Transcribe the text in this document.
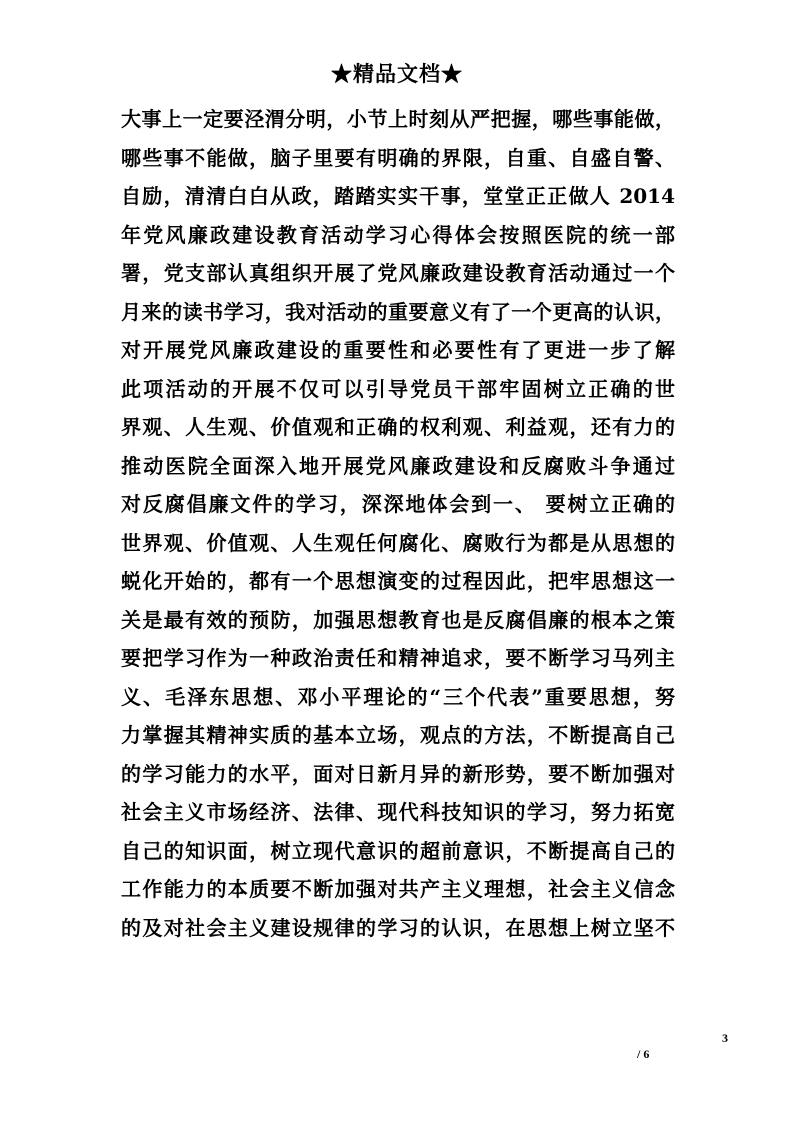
★精品文档★
大事上一定要泾渭分明，小节上时刻从严把握，哪些事能做，
哪些事不能做，脑子里要有明确的界限，自重、自盛自警、
自励，清清白白从政，踏踏实实干事，堂堂正正做人 2014
年党风廉政建设教育活动学习心得体会按照医院的统一部
署，党支部认真组织开展了党风廉政建设教育活动通过一个
月来的读书学习，我对活动的重要意义有了一个更高的认识，
对开展党风廉政建设的重要性和必要性有了更进一步了解
此项活动的开展不仅可以引导党员干部牢固树立正确的世
界观、人生观、价值观和正确的权利观、利益观，还有力的
推动医院全面深入地开展党风廉政建设和反腐败斗争通过
对反腐倡廉文件的学习，深深地体会到一、 要树立正确的
世界观、价值观、人生观任何腐化、腐败行为都是从思想的
蜕化开始的，都有一个思想演变的过程因此，把牢思想这一
关是最有效的预防，加强思想教育也是反腐倡廉的根本之策
要把学习作为一种政治责任和精神追求，要不断学习马列主
义、毛泽东思想、邓小平理论的“三个代表”重要思想，努
力掌握其精神实质的基本立场，观点的方法，不断提高自己
的学习能力的水平，面对日新月异的新形势，要不断加强对
社会主义市场经济、法律、现代科技知识的学习，努力拓宽
自己的知识面，树立现代意识的超前意识，不断提高自己的
工作能力的本质要不断加强对共产主义理想，社会主义信念
的及对社会主义建设规律的学习的认识，在思想上树立坚不
3
/ 6
